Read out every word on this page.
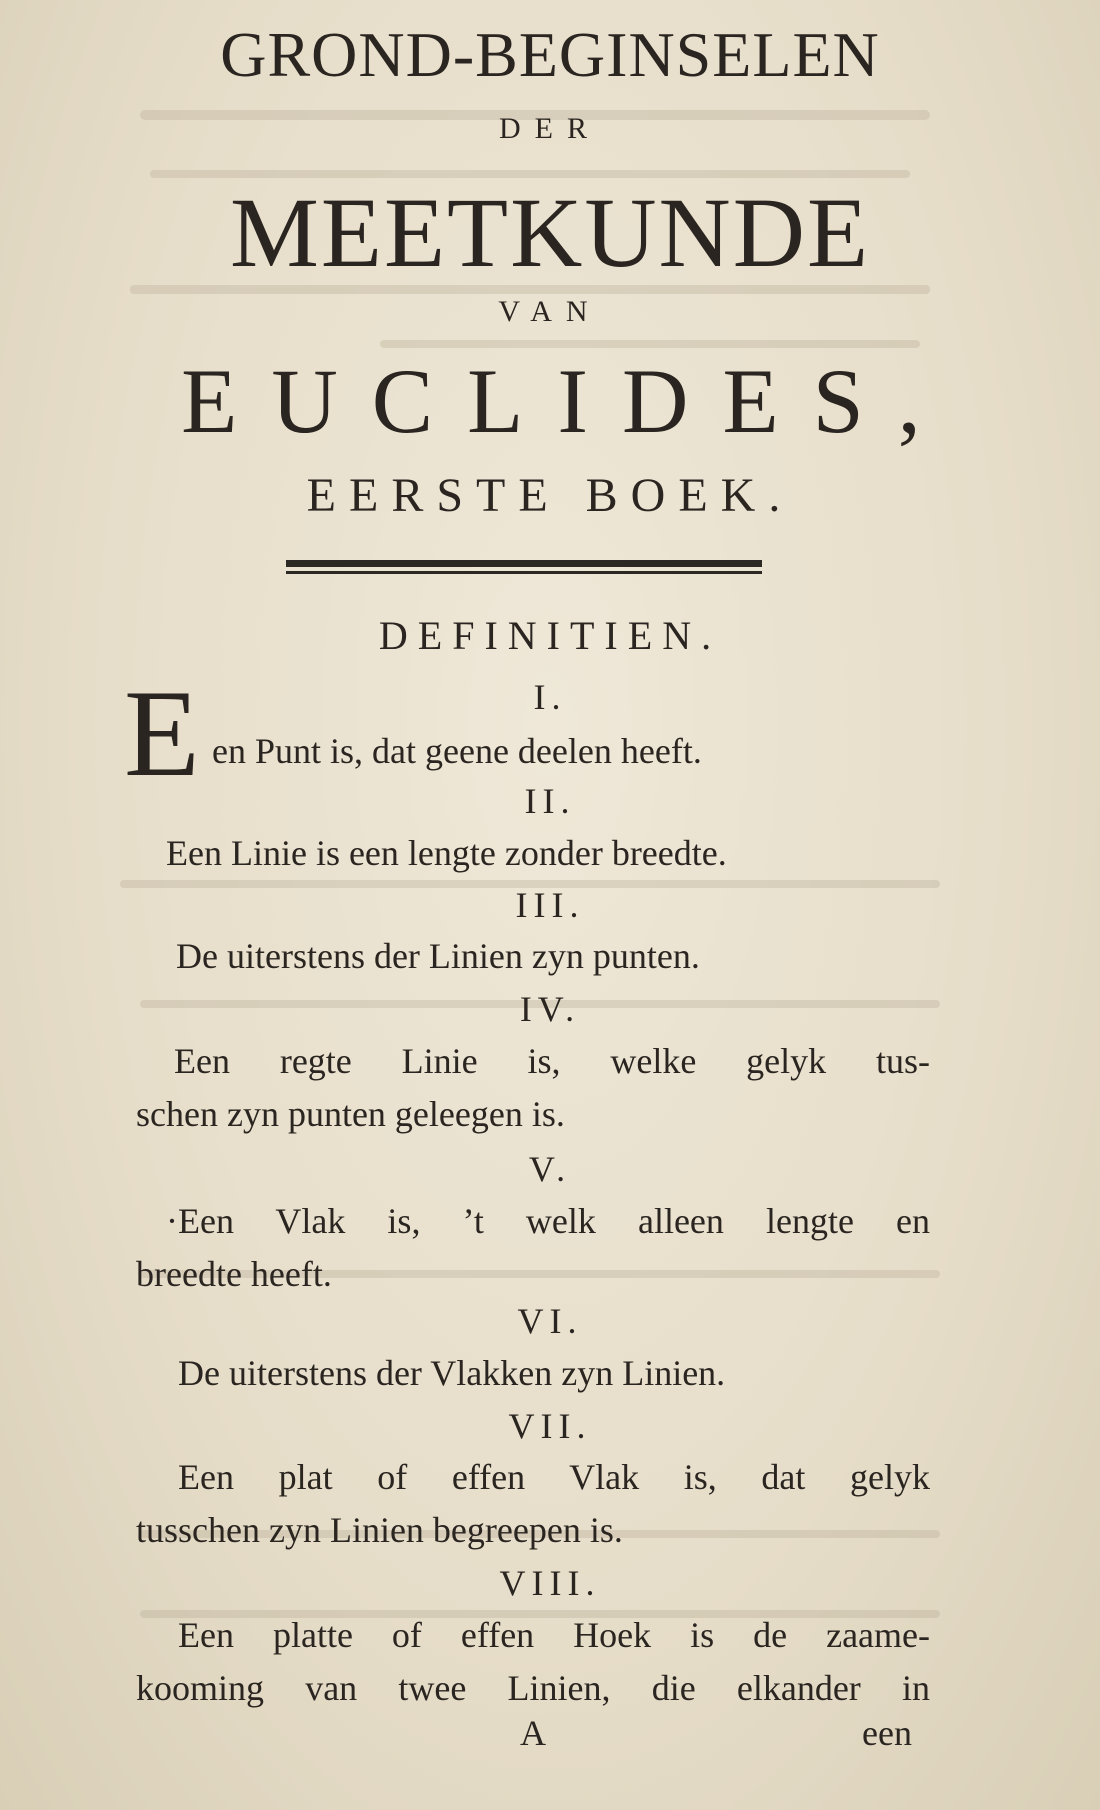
GROND-BEGINSELEN
DER
MEETKUNDE
VAN
EUCLIDES,
EERSTE BOEK.
DEFINITIEN.
I.
E en Punt is, dat geene deelen heeft.
II.
Een Linie is een lengte zonder breedte.
III.
De uiterstens der Linien zyn punten.
IV.
Een regte Linie is, welke gelyk tus-
schen zyn punten geleegen is.
V.
·Een Vlak is, ’t welk alleen lengte en
breedte heeft.
VI.
De uiterstens der Vlakken zyn Linien.
VII.
Een plat of effen Vlak is, dat gelyk
tusschen zyn Linien begreepen is.
VIII.
Een platte of effen Hoek is de zaame-
kooming van twee Linien, die elkander in
A	een
